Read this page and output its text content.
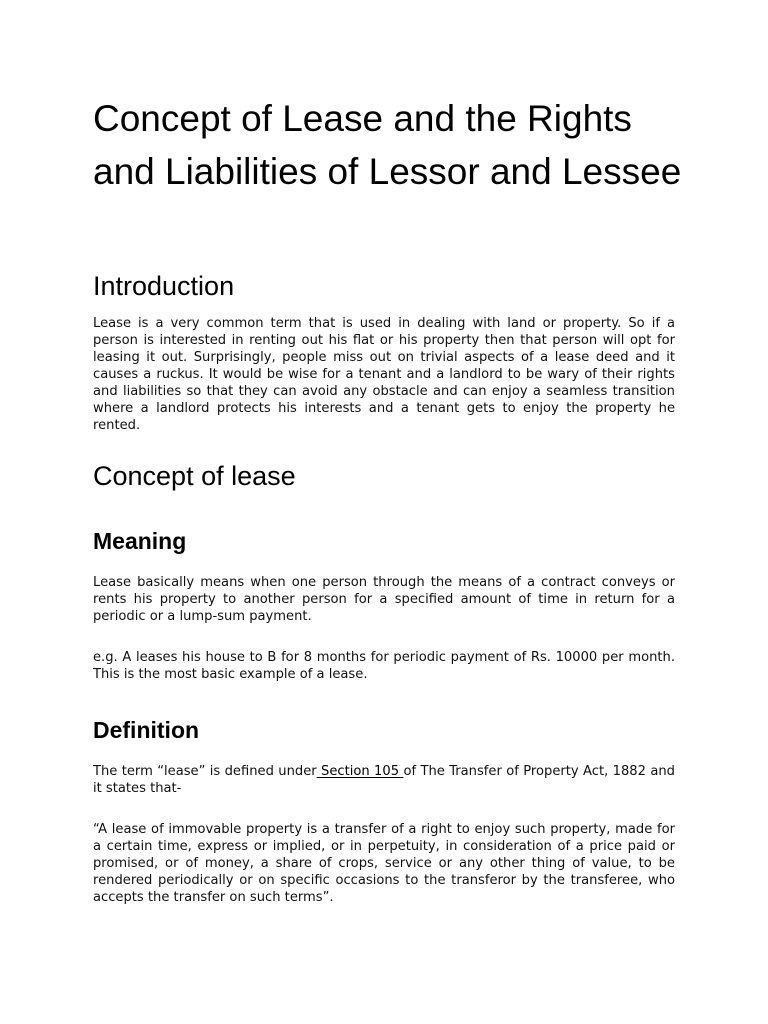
Concept of Lease and the Rights and Liabilities of Lessor and Lessee
Introduction

Lease is a very common term that is used in dealing with land or property. So if a person is interested in renting out his flat or his property then that person will opt for leasing it out. Surprisingly, people miss out on trivial aspects of a lease deed and it causes a ruckus. It would be wise for a tenant and a landlord to be wary of their rights and liabilities so that they can avoid any obstacle and can enjoy a seamless transition where a landlord protects his interests and a tenant gets to enjoy the property he rented.

Concept of lease
Meaning

Lease basically means when one person through the means of a contract conveys or rents his property to another person for a specified amount of time in return for a periodic or a lump-sum payment.

e.g. A leases his house to B for 8 months for periodic payment of Rs. 10000 per month. This is the most basic example of a lease.

Definition

The term “lease” is defined under Section 105 of The Transfer of Property Act, 1882 and it states that-

“A lease of immovable property is a transfer of a right to enjoy such property, made for a certain time, express or implied, or in perpetuity, in consideration of a price paid or promised, or of money, a share of crops, service or any other thing of value, to be rendered periodically or on specific occasions to the transferor by the transferee, who accepts the transfer on such terms”.
